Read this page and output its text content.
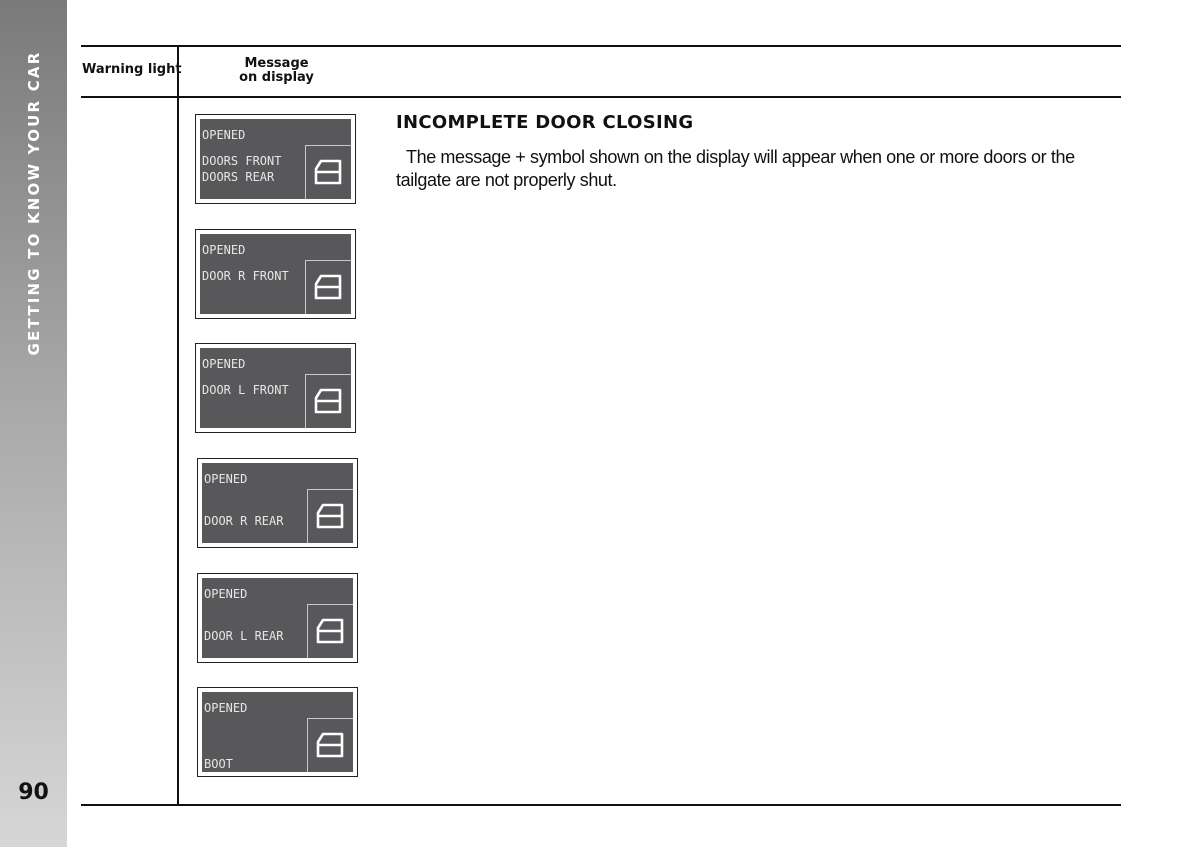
GETTING TO KNOW YOUR CAR
90
Warning light	Message
on display
OPENED
DOORS FRONT
DOORS REAR
OPENED
DOOR R FRONT
OPENED
DOOR L FRONT
OPENED
DOOR R REAR
OPENED
DOOR L REAR
OPENED
BOOT
INCOMPLETE DOOR CLOSING
The message + symbol shown on the display will appear when one or more doors or the tailgate are not properly shut.
